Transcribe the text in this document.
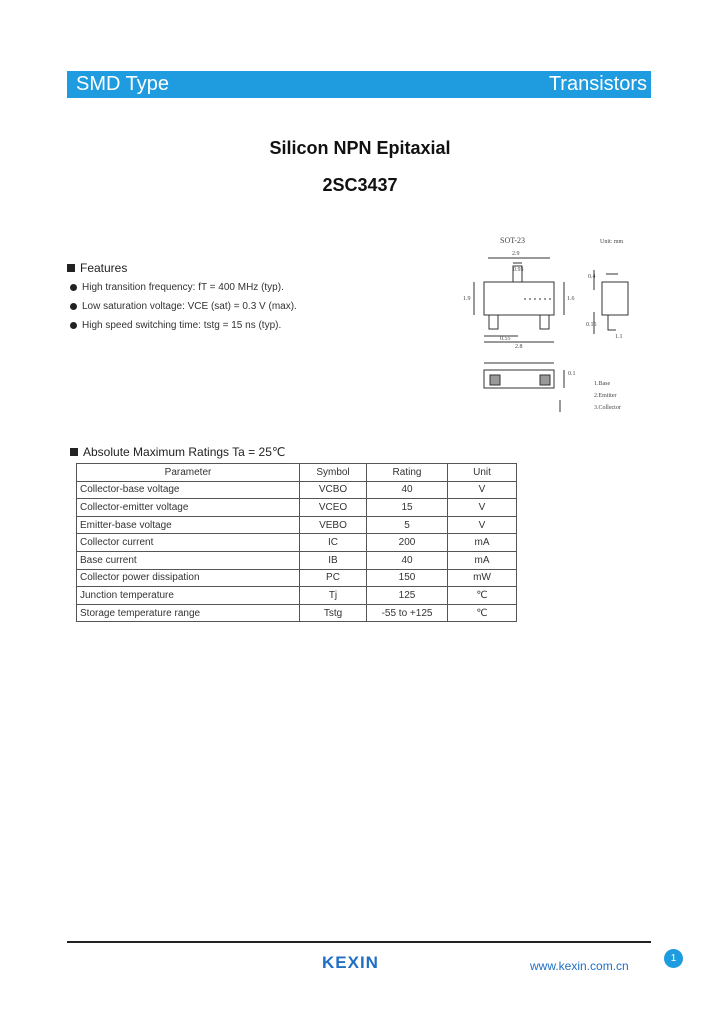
SMD Type	Transistors
Silicon NPN Epitaxial
2SC3437
Features
High transition frequency: fT = 400 MHz (typ).
Low saturation voltage: VCE (sat) = 0.3 V (max).
High speed switching time: tstg = 15 ns (typ).
SOT-23	Unit: mm
2.9
0.95
1.9	1.6
0.55
2.8
0.4
0.15
1.1
0.1
1.Base
2.Emitter
3.Collector
Absolute Maximum Ratings Ta = 25℃
Parameter	Symbol	Rating	Unit
Collector-base voltage	VCBO	40	V
Collector-emitter voltage	VCEO	15	V
Emitter-base voltage	VEBO	5	V
Collector current	IC	200	mA
Base current	IB	40	mA
Collector power dissipation	PC	150	mW
Junction temperature	Tj	125	℃
Storage temperature range	Tstg	-55 to +125	℃
KEXIN	www.kexin.com.cn
1
